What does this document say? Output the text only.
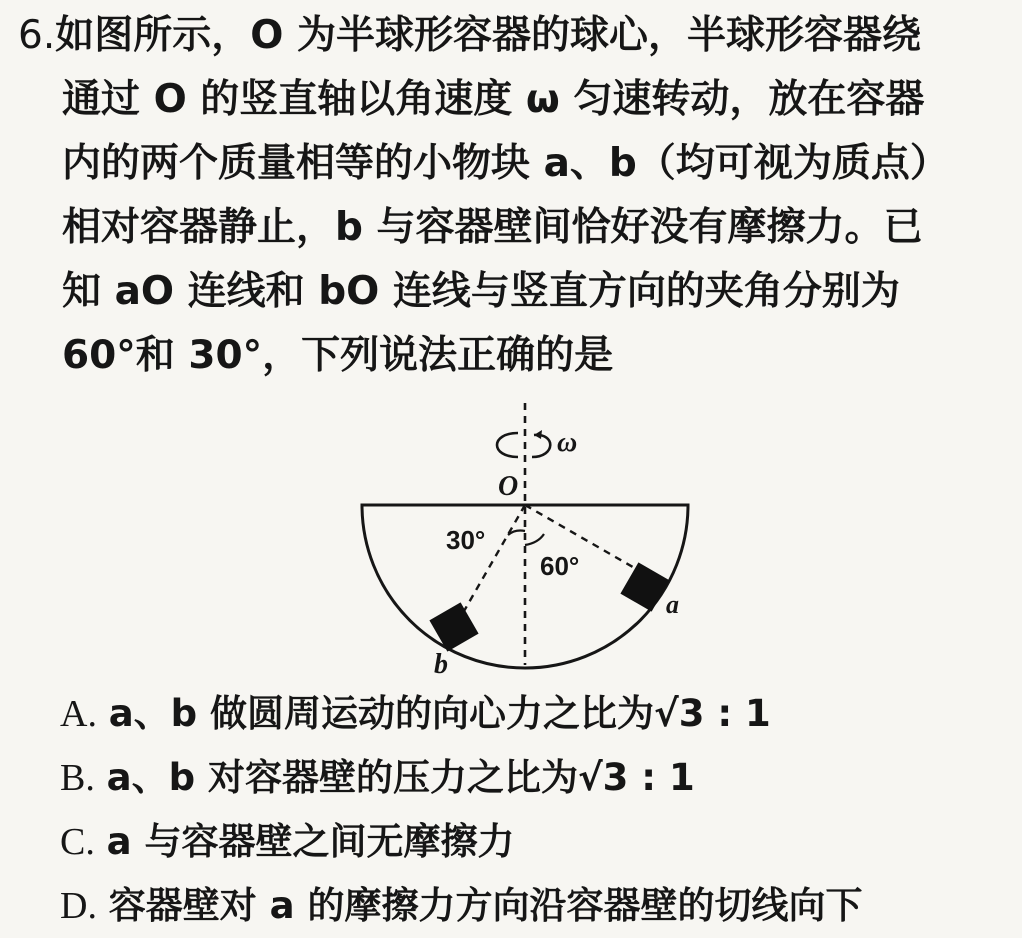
6.如图所示，O 为半球形容器的球心，半球形容器绕
通过 O 的竖直轴以角速度 ω 匀速转动，放在容器
内的两个质量相等的小物块 a、b（均可视为质点）
相对容器静止，b 与容器壁间恰好没有摩擦力。已
知 aO 连线和 bO 连线与竖直方向的夹角分别为
60°和 30°，下列说法正确的是
ω
O
30°
60°
a
b
A. a、b 做圆周运动的向心力之比为√3 : 1
B. a、b 对容器壁的压力之比为√3 : 1
C. a 与容器壁之间无摩擦力
D. 容器壁对 a 的摩擦力方向沿容器壁的切线向下
